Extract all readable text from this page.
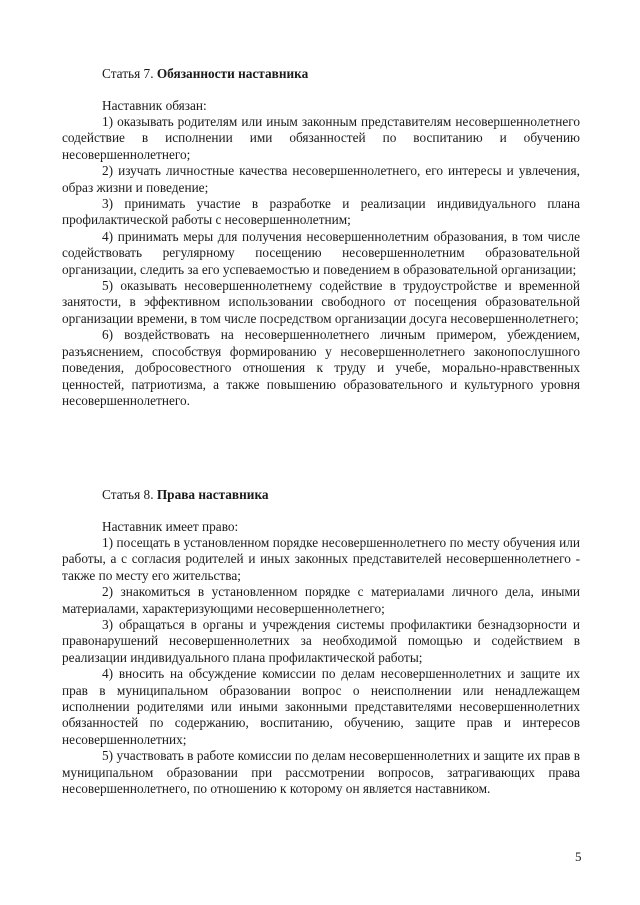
Статья 7. Обязанности наставника
Наставник обязан:

1) оказывать родителям или иным законным представителям несовершеннолетнего содействие в исполнении ими обязанностей по воспитанию и обучению несовершеннолетнего;

2) изучать личностные качества несовершеннолетнего, его интересы и увлечения, образ жизни и поведение;

3) принимать участие в разработке и реализации индивидуального плана профилактической работы с несовершеннолетним;

4) принимать меры для получения несовершеннолетним образования, в том числе содействовать регулярному посещению несовершеннолетним образовательной организации, следить за его успеваемостью и поведением в образовательной организации;

5) оказывать несовершеннолетнему содействие в трудоустройстве и временной занятости, в эффективном использовании свободного от посещения образовательной организации времени, в том числе посредством организации досуга несовершеннолетнего;

6) воздействовать на несовершеннолетнего личным примером, убеждением, разъяснением, способствуя формированию у несовершеннолетнего законопослушного поведения, добросовестного отношения к труду и учебе, морально-нравственных ценностей, патриотизма, а также повышению образовательного и культурного уровня несовершеннолетнего.

Статья 8. Права наставника
Наставник имеет право:

1) посещать в установленном порядке несовершеннолетнего по месту обучения или работы, а с согласия родителей и иных законных представителей несовершеннолетнего - также по месту его жительства;

2) знакомиться в установленном порядке с материалами личного дела, иными материалами, характеризующими несовершеннолетнего;

3) обращаться в органы и учреждения системы профилактики безнадзорности и правонарушений несовершеннолетних за необходимой помощью и содействием в реализации индивидуального плана профилактической работы;

4) вносить на обсуждение комиссии по делам несовершеннолетних и защите их прав в муниципальном образовании вопрос о неисполнении или ненадлежащем исполнении родителями или иными законными представителями несовершеннолетних обязанностей по содержанию, воспитанию, обучению, защите прав и интересов несовершеннолетних;

5) участвовать в работе комиссии по делам несовершеннолетних и защите их прав в муниципальном образовании при рассмотрении вопросов, затрагивающих права несовершеннолетнего, по отношению к которому он является наставником.

5
